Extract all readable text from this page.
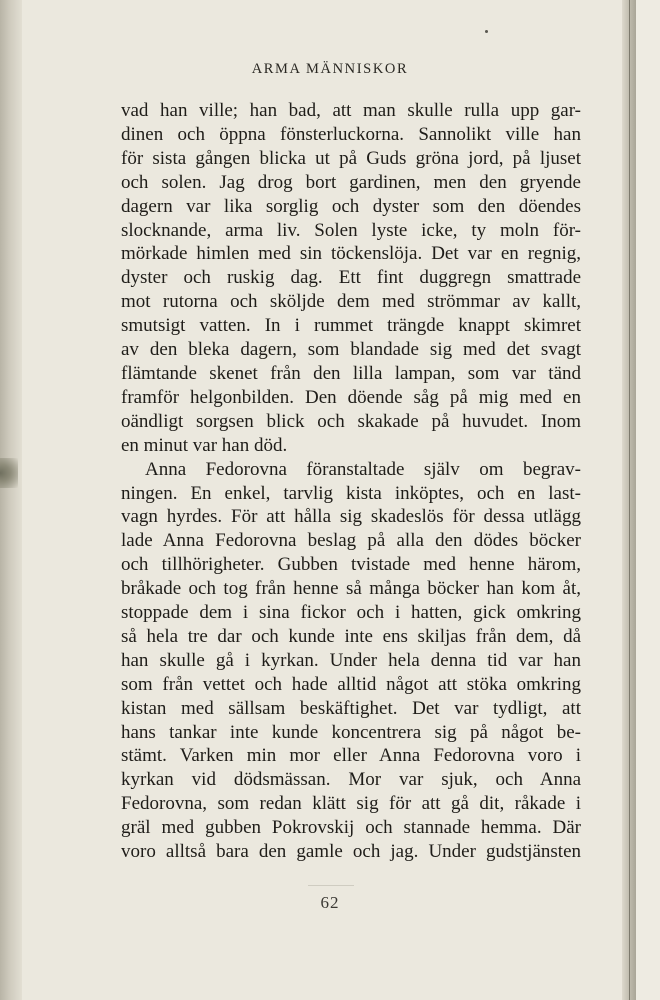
ARMA MÄNNISKOR
vad han ville; han bad, att man skulle rulla upp gar-
dinen och öppna fönsterluckorna. Sannolikt ville han
för sista gången blicka ut på Guds gröna jord, på ljuset
och solen. Jag drog bort gardinen, men den gryende
dagern var lika sorglig och dyster som den döendes
slocknande, arma liv. Solen lyste icke, ty moln för-
mörkade himlen med sin töckenslöja. Det var en regnig,
dyster och ruskig dag. Ett fint duggregn smattrade
mot rutorna och sköljde dem med strömmar av kallt,
smutsigt vatten. In i rummet trängde knappt skimret
av den bleka dagern, som blandade sig med det svagt
flämtande skenet från den lilla lampan, som var tänd
framför helgonbilden. Den döende såg på mig med en
oändligt sorgsen blick och skakade på huvudet. Inom
en minut var han död.
Anna Fedorovna föranstaltade själv om begrav-
ningen. En enkel, tarvlig kista inköptes, och en last-
vagn hyrdes. För att hålla sig skadeslös för dessa utlägg
lade Anna Fedorovna beslag på alla den dödes böcker
och tillhörigheter. Gubben tvistade med henne härom,
bråkade och tog från henne så många böcker han kom åt,
stoppade dem i sina fickor och i hatten, gick omkring
så hela tre dar och kunde inte ens skiljas från dem, då
han skulle gå i kyrkan. Under hela denna tid var han
som från vettet och hade alltid något att stöka omkring
kistan med sällsam beskäftighet. Det var tydligt, att
hans tankar inte kunde koncentrera sig på något be-
stämt. Varken min mor eller Anna Fedorovna voro i
kyrkan vid dödsmässan. Mor var sjuk, och Anna
Fedorovna, som redan klätt sig för att gå dit, råkade i
gräl med gubben Pokrovskij och stannade hemma. Där
voro alltså bara den gamle och jag. Under gudstjänsten
62
